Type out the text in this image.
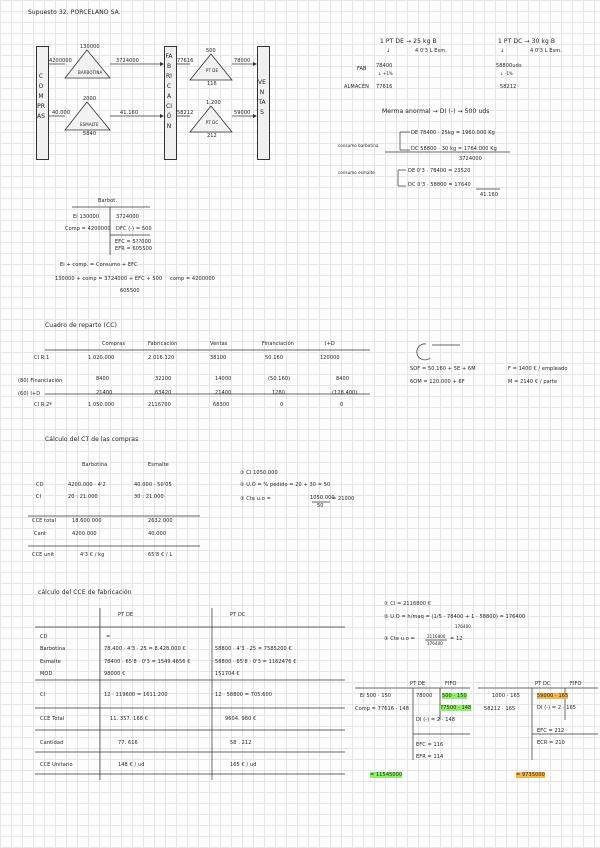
Supuesto 32. PORCELANO SA.
COMPRAS
FABRICACIÓN
VENTAS
BARBOTINA
130000
4200000	3724000
ESMALTE
2000
40.000	41.160
5840
PT DE
500
116
77616	78000
PT DC
1.200
212
58212	59000
1 PT DE → 25 kg B	1 PT DC → 30 kg B
↓	4 0'3 L Esm.	↓	4 0'3 L Esm.
FAB 78400
↓ +1%
58800uds
↓ -1%
ALMACÉN 77616	58212
Merma anormal → DI (-) → 500 uds
consumo barbotina
DE 78400 · 25kg = 1960.000 Kg
DC 58800 · 30 kg = 1764.000 Kg
3724000
consumo esmalte	DE 0'3 · 78400 = 23520
DC 0'3 · 58800 = 17640
41.160
Barbot.
Ei 130000	3724000
Comp = 4200000 DFC (-) = 500
EFC = 5??000
EFR = 605500
Ei + comp. = Consumo + EFC
130000 + comp = 3724000 + EFC + 500 comp = 4200000
605500
Cuadro de reparto (CC)
Compras	Fabricación	Ventas	Financiación	I+D
CI R.1	1.020.000	2.016.120	38100	50.160	120000
(80) Financiación	8400	32100	14000	(50.160)	8400
(60) I+D	21400	63420	21400	1280	(128.400)
CI R.2ª	1.050.000	2116700	68300	0	0
SOF = 50.160 + 5E + 6M
6OM = 120.000 + 6F
F = 1400 € / empleado
M = 2140 € / parte
Cálculo del CT de las compras
Barbotina	Esmalte
CD	4200.000 · 4'2	40.000 · 50'05
CI	20 : 21.000	30 : 21.000
CCE total	18.600.000	2632.000
Cant	4200.000	40.000
CCE unit	4'3 € / kg	65'8 € / L
① CI 1050.000
② U.O = % pedido = 20 + 30 = 50
③ Cte u.o =	1050.000
50
= 21000
cálculo del CCE de fabricación
PT DE	PT DC
CD	=
Barbotina	78.400 · 4'3 · 25 = 8.428.000 €	58800 · 4'3 · 25 = 7585200 €
Esmalte	78400 · 65'8 · 0'3 = 1549.4656 €	58800 · 65'8 · 0'3 = 1162476 €
MOD	98000 €	151704 €
CI	12 · 119600 = 1611.200	12 · 58800 = 705.600
CCE Total	11. 357. 168 €	9604. 980 €
Cantidad	77. 616	58 . 212
CCE Unitario	148 € / ud	165 € / ud
① CI = 2116800 €
② U.O = h/maq = (1/5 · 78400 + 1 · 58800) = 176400
176400
③ Cte u.o =	2116800
176400
= 12
PT DE	FIFO
Ei 500 · 150
Comp = 77616 · 148
78000 500 · 150
77500 · 148
DI (-) = 2 · 148
EFC = 116
EFR = 114
= 11545000
PT DC	FIFO
1000 · 165
58212 · 165
59000 · 165
DI (-) = 2 · 165
EFC = 212
ECR = 210
= 9735000
